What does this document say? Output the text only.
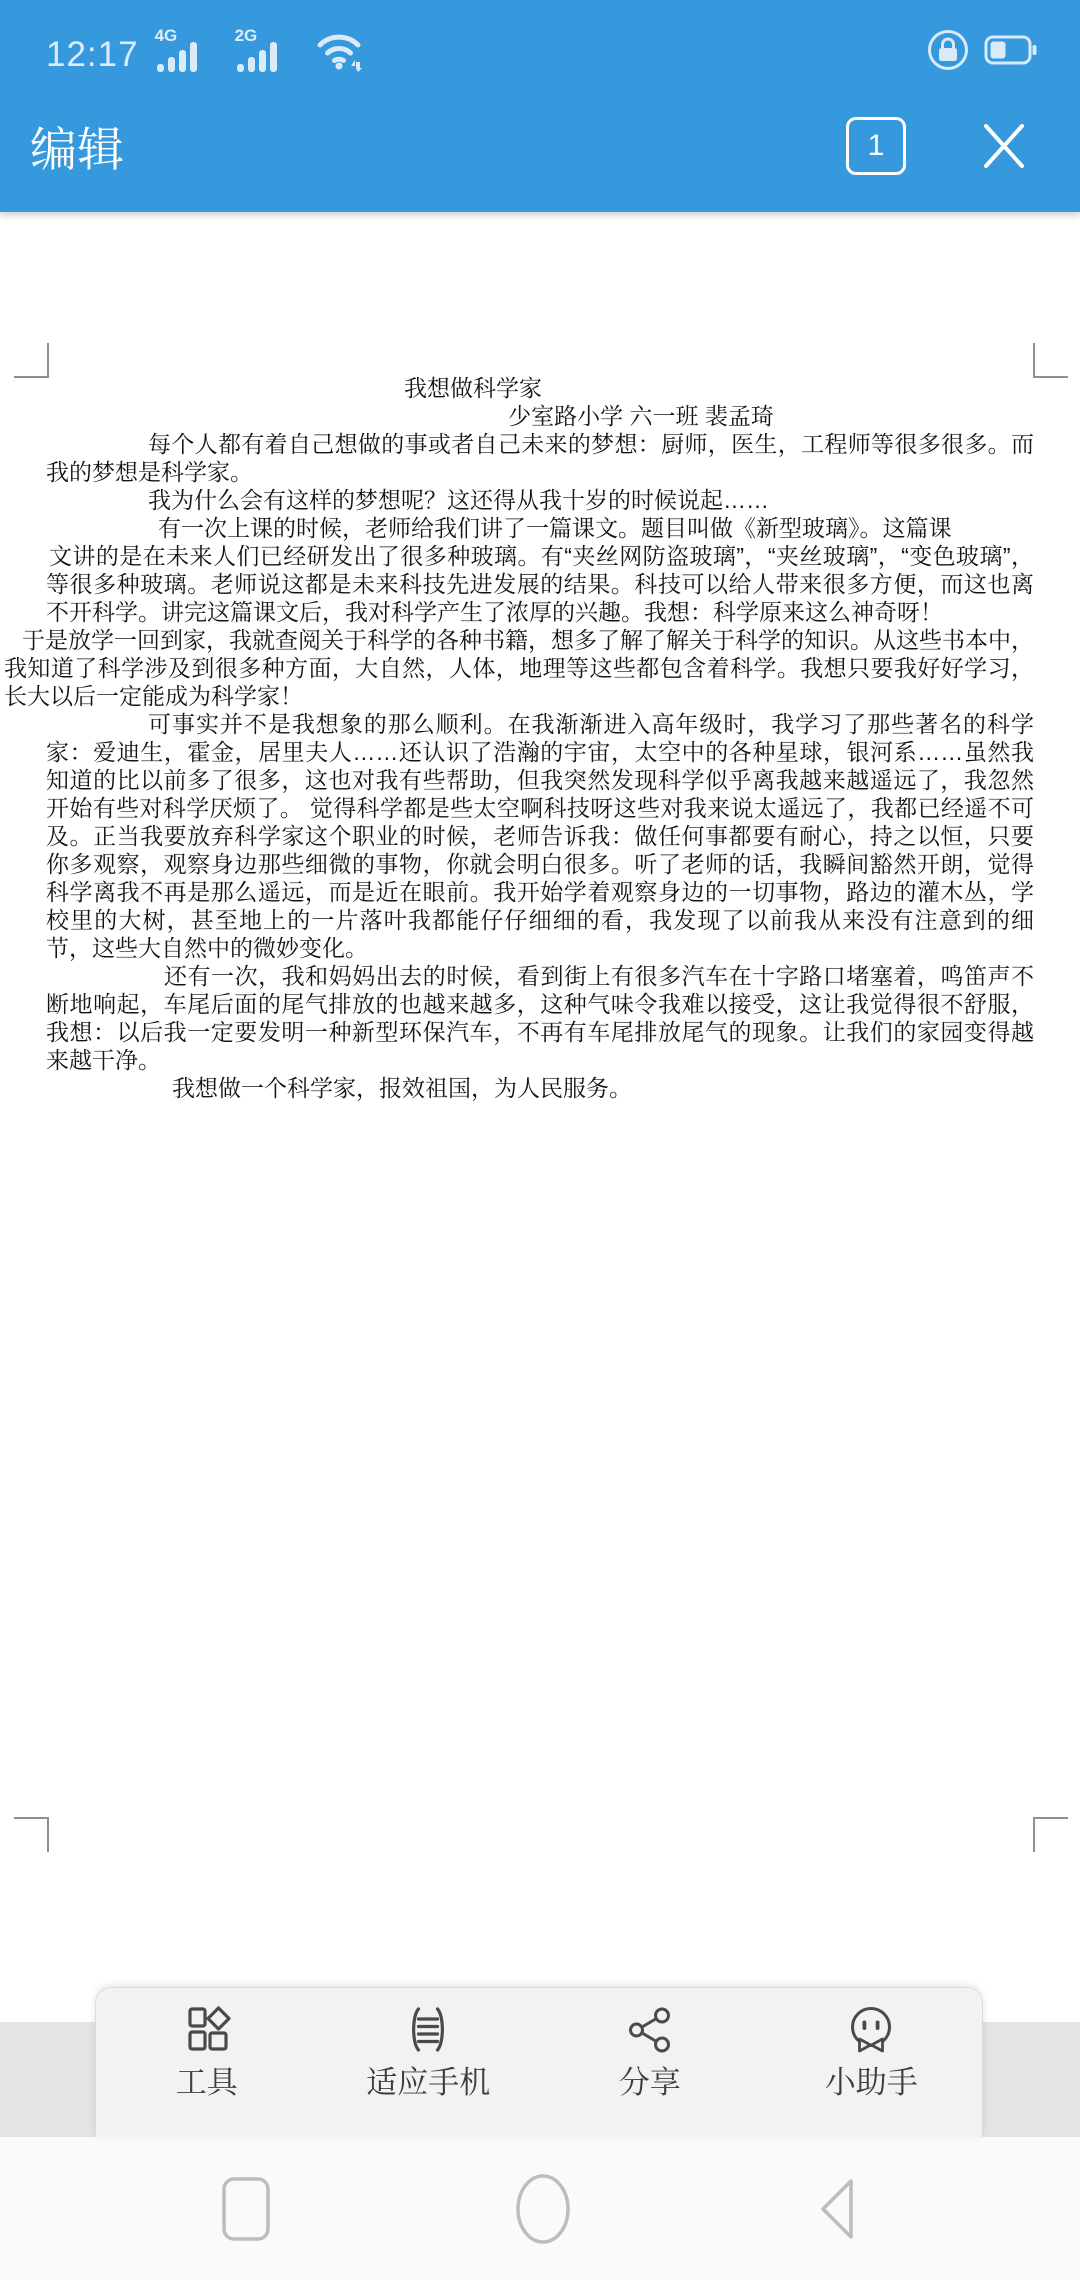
12:17 4G	2G
编辑	1

我想做科学家

少室路小学 六一班 裴孟琦

每个人都有着自己想做的事或者自己未来的梦想：厨师，医生，工程师等很多很多。而我的梦想是科学家。

我为什么会有这样的梦想呢？这还得从我十岁的时候说起……

有一次上课的时候，老师给我们讲了一篇课文。题目叫做《新型玻璃》。这篇课

文讲的是在未来人们已经研发出了很多种玻璃。有“夹丝网防盗玻璃”，“夹丝玻璃”，“变色玻璃”，等很多种玻璃。老师说这都是未来科技先进发展的结果。科技可以给人带来很多方便，而这也离不开科学。讲完这篇课文后，我对科学产生了浓厚的兴趣。我想：科学原来这么神奇呀！

于是放学一回到家，我就查阅关于科学的各种书籍，想多了解了解关于科学的知识。从这些书本中，我知道了科学涉及到很多种方面，大自然，人体，地理等这些都包含着科学。我想只要我好好学习，长大以后一定能成为科学家！

可事实并不是我想象的那么顺利。在我渐渐进入高年级时，我学习了那些著名的科学家：爱迪生，霍金，居里夫人……还认识了浩瀚的宇宙，太空中的各种星球，银河系……虽然我知道的比以前多了很多，这也对我有些帮助，但我突然发现科学似乎离我越来越遥远了，我忽然开始有些对科学厌烦了。 觉得科学都是些太空啊科技呀这些对我来说太遥远了，我都已经遥不可及。正当我要放弃科学家这个职业的时候，老师告诉我：做任何事都要有耐心，持之以恒，只要你多观察，观察身边那些细微的事物，你就会明白很多。听了老师的话，我瞬间豁然开朗，觉得科学离我不再是那么遥远，而是近在眼前。我开始学着观察身边的一切事物，路边的灌木丛，学校里的大树，甚至地上的一片落叶我都能仔仔细细的看，我发现了以前我从来没有注意到的细节，这些大自然中的微妙变化。

还有一次，我和妈妈出去的时候，看到街上有很多汽车在十字路口堵塞着，鸣笛声不断地响起，车尾后面的尾气排放的也越来越多，这种气味令我难以接受，这让我觉得很不舒服，我想：以后我一定要发明一种新型环保汽车，不再有车尾排放尾气的现象。让我们的家园变得越来越干净。

我想做一个科学家，报效祖国，为人民服务。

工具	适应手机	分享	小助手
